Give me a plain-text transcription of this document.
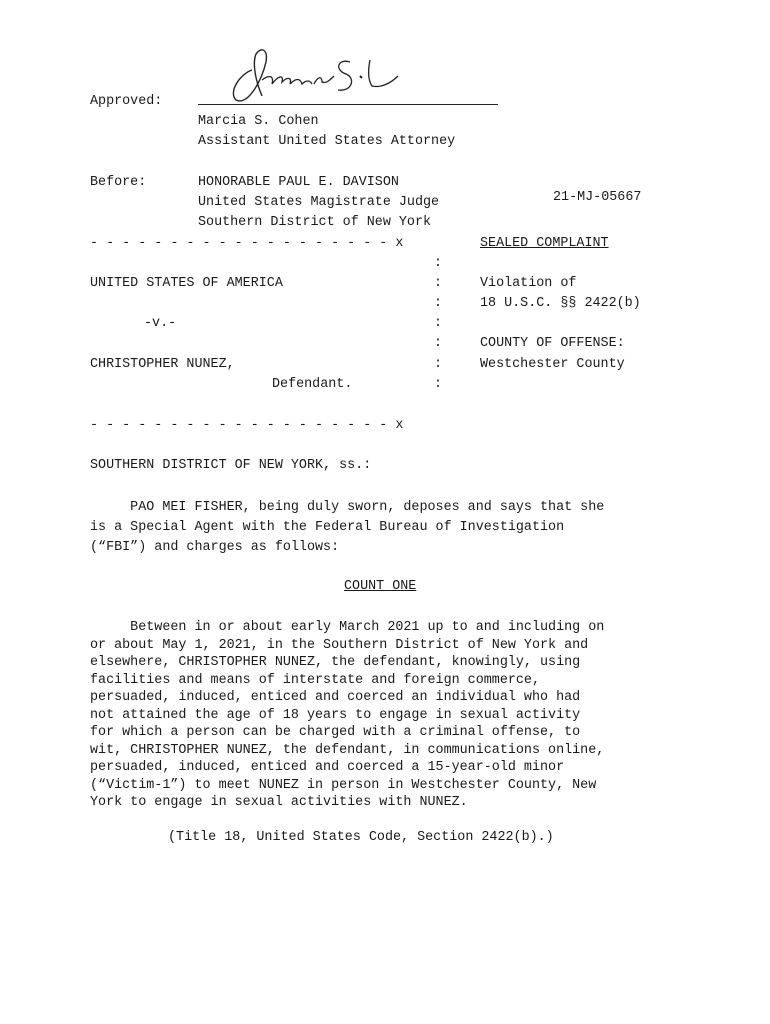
Approved:
Marcia S. Cohen
Assistant United States Attorney
Before:	HONORABLE PAUL E. DAVISON
United States Magistrate Judge	21-MJ-05667
Southern District of New York
- - - - - - - - - - - - - - - - - - - x	SEALED COMPLAINT
:
UNITED STATES OF AMERICA	:	Violation of
:	18 U.S.C. §§ 2422(b)
-v.-	:
:	COUNTY OF OFFENSE:
CHRISTOPHER NUNEZ,	:	Westchester County
Defendant.	:
- - - - - - - - - - - - - - - - - - - x
SOUTHERN DISTRICT OF NEW YORK, ss.:
PAO MEI FISHER, being duly sworn, deposes and says that she
is a Special Agent with the Federal Bureau of Investigation
(“FBI”) and charges as follows:
COUNT ONE
Between in or about early March 2021 up to and including on
or about May 1, 2021, in the Southern District of New York and
elsewhere, CHRISTOPHER NUNEZ, the defendant, knowingly, using
facilities and means of interstate and foreign commerce,
persuaded, induced, enticed and coerced an individual who had
not attained the age of 18 years to engage in sexual activity
for which a person can be charged with a criminal offense, to
wit, CHRISTOPHER NUNEZ, the defendant, in communications online,
persuaded, induced, enticed and coerced a 15-year-old minor
(“Victim-1”) to meet NUNEZ in person in Westchester County, New
York to engage in sexual activities with NUNEZ.
(Title 18, United States Code, Section 2422(b).)
